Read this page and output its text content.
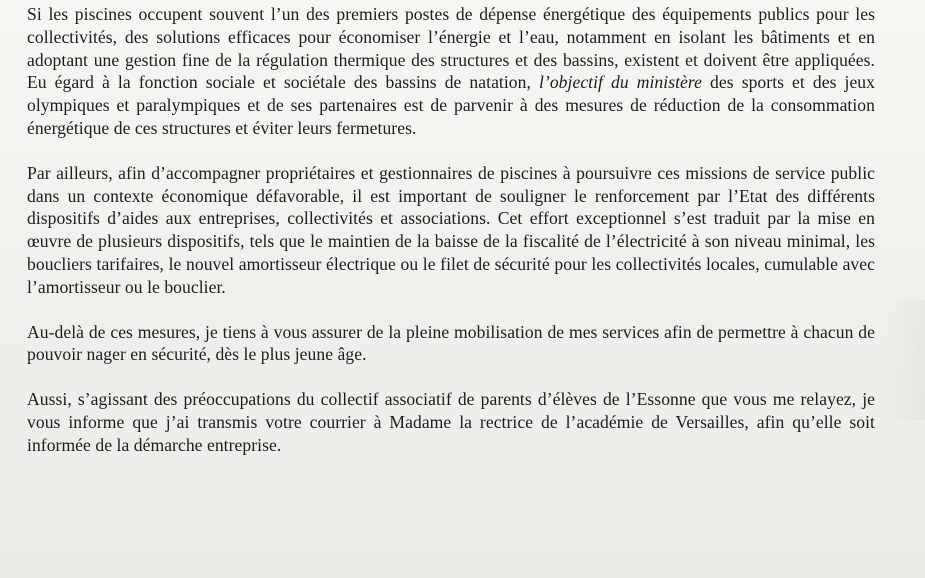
Si les piscines occupent souvent l’un des premiers postes de dépense énergétique des équipements publics pour les collectivités, des solutions efficaces pour économiser l’énergie et l’eau, notamment en isolant les bâtiments et en adoptant une gestion fine de la régulation thermique des structures et des bassins, existent et doivent être appliquées. Eu égard à la fonction sociale et sociétale des bassins de natation, l’objectif du ministère des sports et des jeux olympiques et paralympiques et de ses partenaires est de parvenir à des mesures de réduction de la consommation énergétique de ces structures et éviter leurs fermetures.

Par ailleurs, afin d’accompagner propriétaires et gestionnaires de piscines à poursuivre ces missions de service public dans un contexte économique défavorable, il est important de souligner le renforcement par l’Etat des différents dispositifs d’aides aux entreprises, collectivités et associations. Cet effort exceptionnel s’est traduit par la mise en œuvre de plusieurs dispositifs, tels que le maintien de la baisse de la fiscalité de l’électricité à son niveau minimal, les boucliers tarifaires, le nouvel amortisseur électrique ou le filet de sécurité pour les collectivités locales, cumulable avec l’amortisseur ou le bouclier.

Au-delà de ces mesures, je tiens à vous assurer de la pleine mobilisation de mes services afin de permettre à chacun de pouvoir nager en sécurité, dès le plus jeune âge.

Aussi, s’agissant des préoccupations du collectif associatif de parents d’élèves de l’Essonne que vous me relayez, je vous informe que j’ai transmis votre courrier à Madame la rectrice de l’académie de Versailles, afin qu’elle soit informée de la démarche entreprise.
